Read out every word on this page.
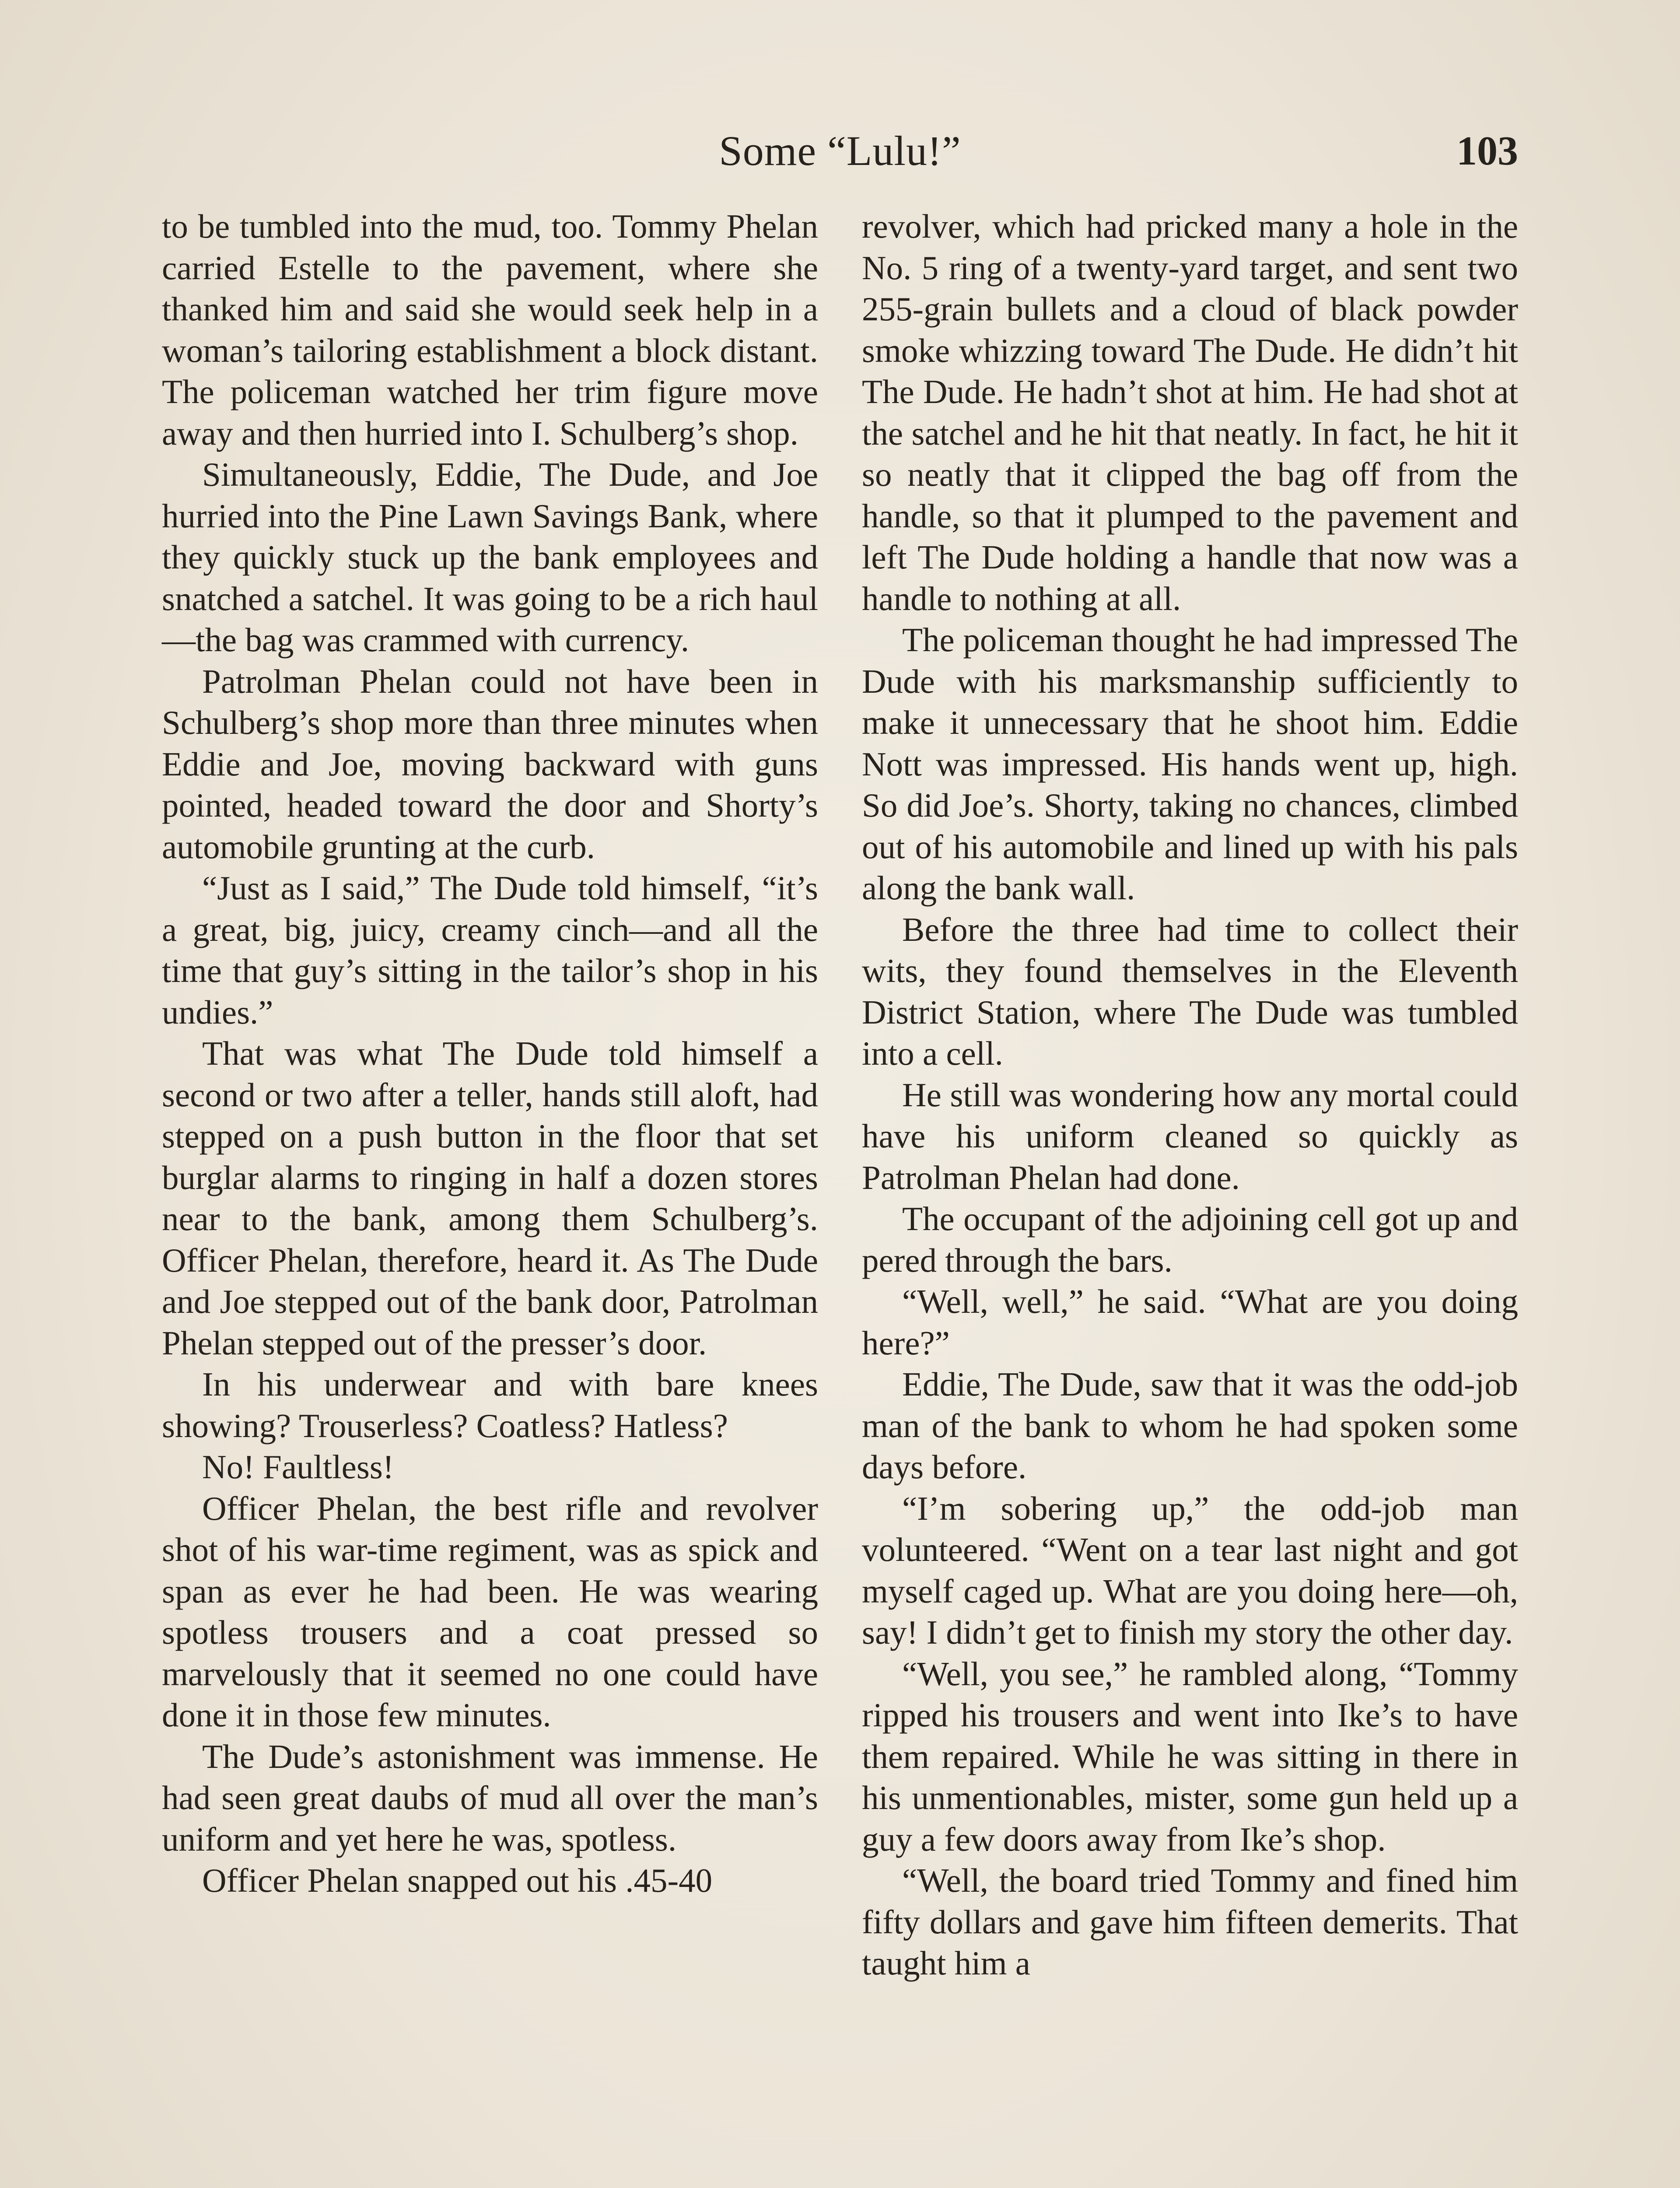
Some “Lulu!”	103

to be tumbled into the mud, too. Tommy Phelan carried Estelle to the pavement, where she thanked him and said she would seek help in a woman’s tailoring establishment a block distant. The policeman watched her trim figure move away and then hurried into I. Schulberg’s shop.

Simultaneously, Eddie, The Dude, and Joe hurried into the Pine Lawn Savings Bank, where they quickly stuck up the bank employees and snatched a satchel. It was going to be a rich haul —the bag was crammed with currency.

Patrolman Phelan could not have been in Schulberg’s shop more than three minutes when Eddie and Joe, moving backward with guns pointed, headed toward the door and Shorty’s automobile grunting at the curb.

“Just as I said,” The Dude told himself, “it’s a great, big, juicy, creamy cinch—and all the time that guy’s sitting in the tailor’s shop in his undies.”

That was what The Dude told himself a second or two after a teller, hands still aloft, had stepped on a push button in the floor that set burglar alarms to ringing in half a dozen stores near to the bank, among them Schulberg’s. Officer Phelan, therefore, heard it. As The Dude and Joe stepped out of the bank door, Patrolman Phelan stepped out of the presser’s door.

In his underwear and with bare knees showing? Trouserless? Coatless? Hatless?

No! Faultless!

Officer Phelan, the best rifle and revolver shot of his war-time regiment, was as spick and span as ever he had been. He was wearing spotless trousers and a coat pressed so marvelously that it seemed no one could have done it in those few minutes.

The Dude’s astonishment was immense. He had seen great daubs of mud all over the man’s uniform and yet here he was, spotless.

Officer Phelan snapped out his .45-40

revolver, which had pricked many a hole in the No. 5 ring of a twenty-yard target, and sent two 255-grain bullets and a cloud of black powder smoke whizzing toward The Dude. He didn’t hit The Dude. He hadn’t shot at him. He had shot at the satchel and he hit that neatly. In fact, he hit it so neatly that it clipped the bag off from the handle, so that it plumped to the pavement and left The Dude holding a handle that now was a handle to nothing at all.

The policeman thought he had impressed The Dude with his marksmanship sufficiently to make it unnecessary that he shoot him. Eddie Nott was impressed. His hands went up, high. So did Joe’s. Shorty, taking no chances, climbed out of his automobile and lined up with his pals along the bank wall.

Before the three had time to collect their wits, they found themselves in the Eleventh District Station, where The Dude was tumbled into a cell.

He still was wondering how any mortal could have his uniform cleaned so quickly as Patrolman Phelan had done.

The occupant of the adjoining cell got up and pered through the bars.

“Well, well,” he said. “What are you doing here?”

Eddie, The Dude, saw that it was the odd-job man of the bank to whom he had spoken some days before.

“I’m sobering up,” the odd-job man volunteered. “Went on a tear last night and got myself caged up. What are you doing here—oh, say! I didn’t get to finish my story the other day.

“Well, you see,” he rambled along, “Tommy ripped his trousers and went into Ike’s to have them repaired. While he was sitting in there in his unmentionables, mister, some gun held up a guy a few doors away from Ike’s shop.

“Well, the board tried Tommy and fined him fifty dollars and gave him fifteen demerits. That taught him a
